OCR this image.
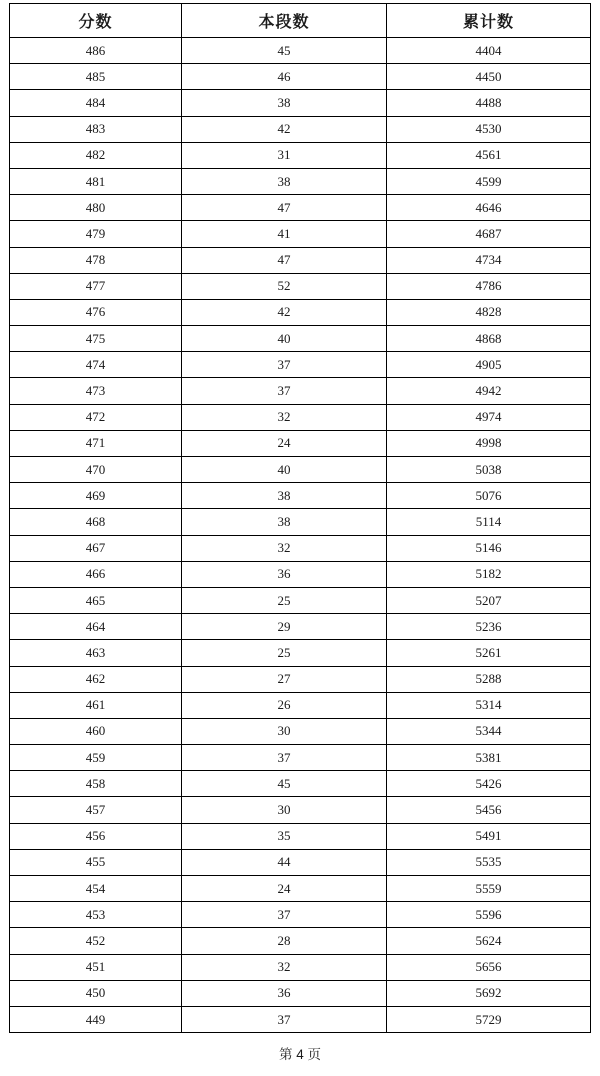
分数	本段数	累计数
486	45	4404
485	46	4450
484	38	4488
483	42	4530
482	31	4561
481	38	4599
480	47	4646
479	41	4687
478	47	4734
477	52	4786
476	42	4828
475	40	4868
474	37	4905
473	37	4942
472	32	4974
471	24	4998
470	40	5038
469	38	5076
468	38	5114
467	32	5146
466	36	5182
465	25	5207
464	29	5236
463	25	5261
462	27	5288
461	26	5314
460	30	5344
459	37	5381
458	45	5426
457	30	5456
456	35	5491
455	44	5535
454	24	5559
453	37	5596
452	28	5624
451	32	5656
450	36	5692
449	37	5729
第 4 页
